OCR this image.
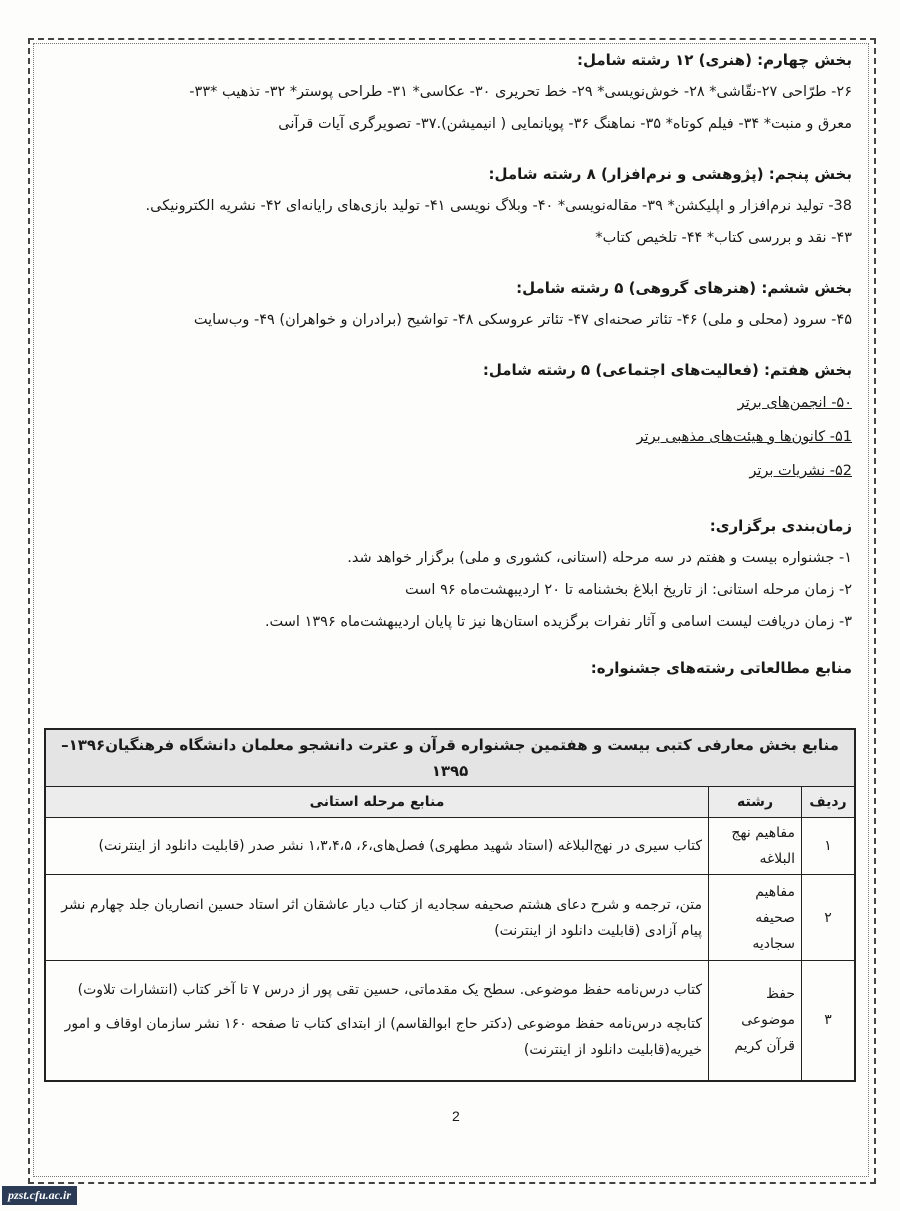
بخش چهارم: (هنری) ۱۲ رشته شامل:
۲۶- طرّاحی ۲۷-نقّاشی* ۲۸- خوش‌نویسی* ۲۹- خط تحریری ۳۰- عکاسی* ۳۱- طراحی پوستر* ۳۲- تذهیب *۳۳-
معرق و منبت* ۳۴- فیلم کوتاه* ۳۵- نماهنگ ۳۶- پویانمایی ( انیمیشن).۳۷- تصویرگری آیات قرآنی
بخش پنجم: (پژوهشی و نرم‌افزار) ۸ رشته شامل:
38- تولید نرم‌افزار و اپلیکشن* ۳۹- مقاله‌نویسی* ۴۰- وبلاگ نویسی ۴۱- تولید بازی‌های رایانه‌ای ۴۲- نشریه الکترونیکی.
۴۳- نقد و بررسی کتاب* ۴۴- تلخیص کتاب*
بخش ششم: (هنرهای گروهی) ۵ رشته شامل:
۴۵- سرود (محلی و ملی) ۴۶- تئاتر صحنه‌ای ۴۷- تئاتر عروسکی ۴۸- تواشیح (برادران و خواهران) ۴۹- وب‌سایت
بخش هفتم: (فعالیت‌های اجتماعی) ۵ رشته شامل:
۵۰- انجمن‌های برتر
۵1- کانون‌ها و هیئت‌های مذهبی برتر
۵2- نشریات برتر
زمان‌بندی برگزاری:
۱- جشنواره بیست و هفتم در سه مرحله (استانی، کشوری و ملی) برگزار خواهد شد.
۲- زمان مرحله استانی: از تاریخ ابلاغ بخشنامه تا ۲۰ اردیبهشت‌ماه ۹۶ است
۳- زمان دریافت لیست اسامی و آثار نفرات برگزیده استان‌ها نیز تا پایان اردیبهشت‌ماه ۱۳۹۶ است.
منابع مطالعاتی رشته‌های جشنواره:
منابع بخش معارفی کتبی بیست و هفتمین جشنواره قرآن و عترت دانشجو معلمان دانشگاه فرهنگیان۱۳۹۶–۱۳۹۵		
ردیف	رشته	منابع مرحله استانی
۱	مفاهیم نهج البلاغه	کتاب سیری در نهج‌البلاغه (استاد شهید مطهری) فصل‌های،۶، ۱،۳،۴،۵ نشر صدر (قابلیت دانلود از اینترنت)
۲	مفاهیم صحیفه سجادیه	متن، ترجمه و شرح دعای هشتم صحیفه سجادیه از کتاب دیار عاشقان اثر استاد حسین انصاریان جلد چهارم نشر پیام آزادی (قابلیت دانلود از اینترنت)
۳	حفظ موضوعی قرآن کریم	کتاب درس‌نامه حفظ موضوعی. سطح یک مقدماتی، حسین تقی پور از درس ۷ تا آخر کتاب (انتشارات تلاوت)
کتابچه درس‌نامه حفظ موضوعی (دکتر حاج ابوالقاسم) از ابتدای کتاب تا صفحه ۱۶۰ نشر سازمان اوقاف و امور خیریه(قابلیت دانلود از اینترنت)
2
pzst.cfu.ac.ir
